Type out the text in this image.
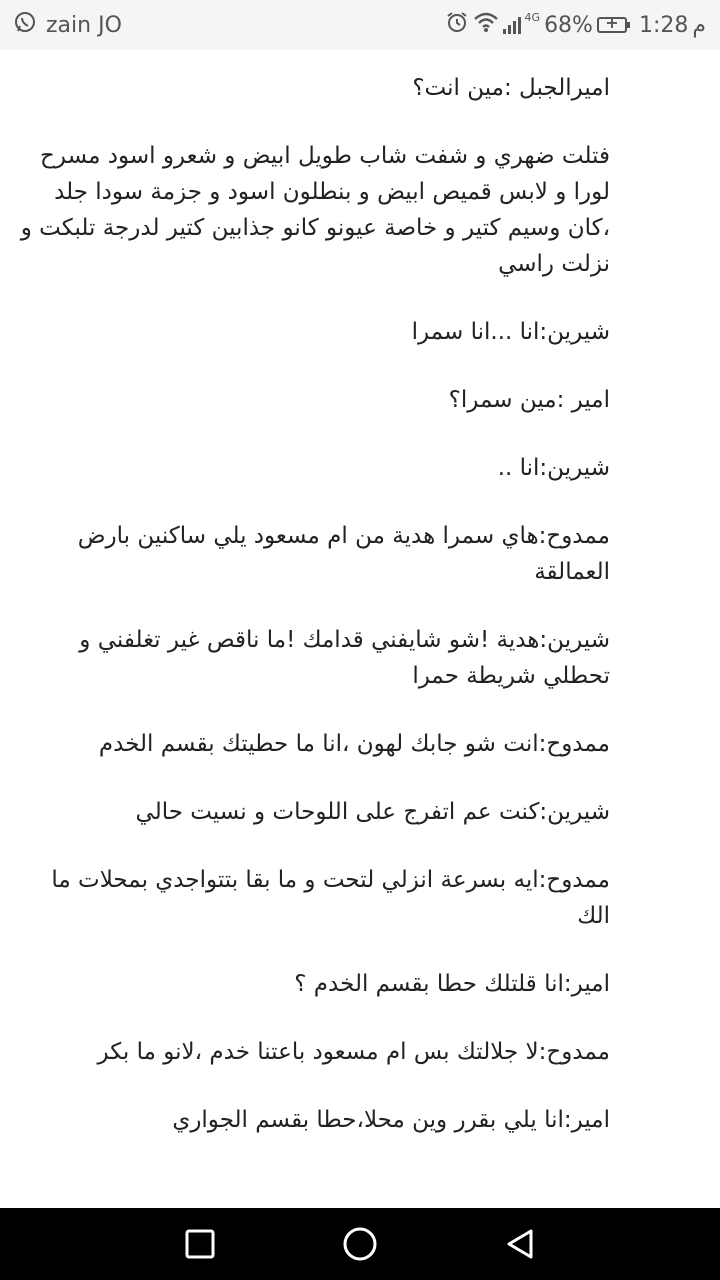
zain JO	4G 68% + 1:28 م

اميرالجبل :مين انت؟

فتلت ضهري و شفت شاب طويل ابيض و شعرو اسود مسرح لورا و لابس قميص ابيض و بنطلون اسود و جزمة سودا جلد ،كان وسيم كتير و خاصة عيونو كانو جذابين كتير لدرجة تلبكت و نزلت راسي

شيرين:انا ...انا سمرا

امير :مين سمرا؟

شيرين:انا ..

ممدوح:هاي سمرا هدية من ام مسعود يلي ساكنين بارض العمالقة

شيرين:هدية !شو شايفني قدامك !ما ناقص غير تغلفني و تحطلي شريطة حمرا

ممدوح:انت شو جابك لهون ،انا ما حطيتك بقسم الخدم

شيرين:كنت عم اتفرج على اللوحات و نسيت حالي

ممدوح:ايه بسرعة انزلي لتحت و ما بقا بتتواجدي بمحلات ما الك

امير:انا قلتلك حطا بقسم الخدم ؟

ممدوح:لا جلالتك بس ام مسعود باعتنا خدم ،لانو ما بكر

امير:انا يلي بقرر وين محلا،حطا بقسم الجواري
